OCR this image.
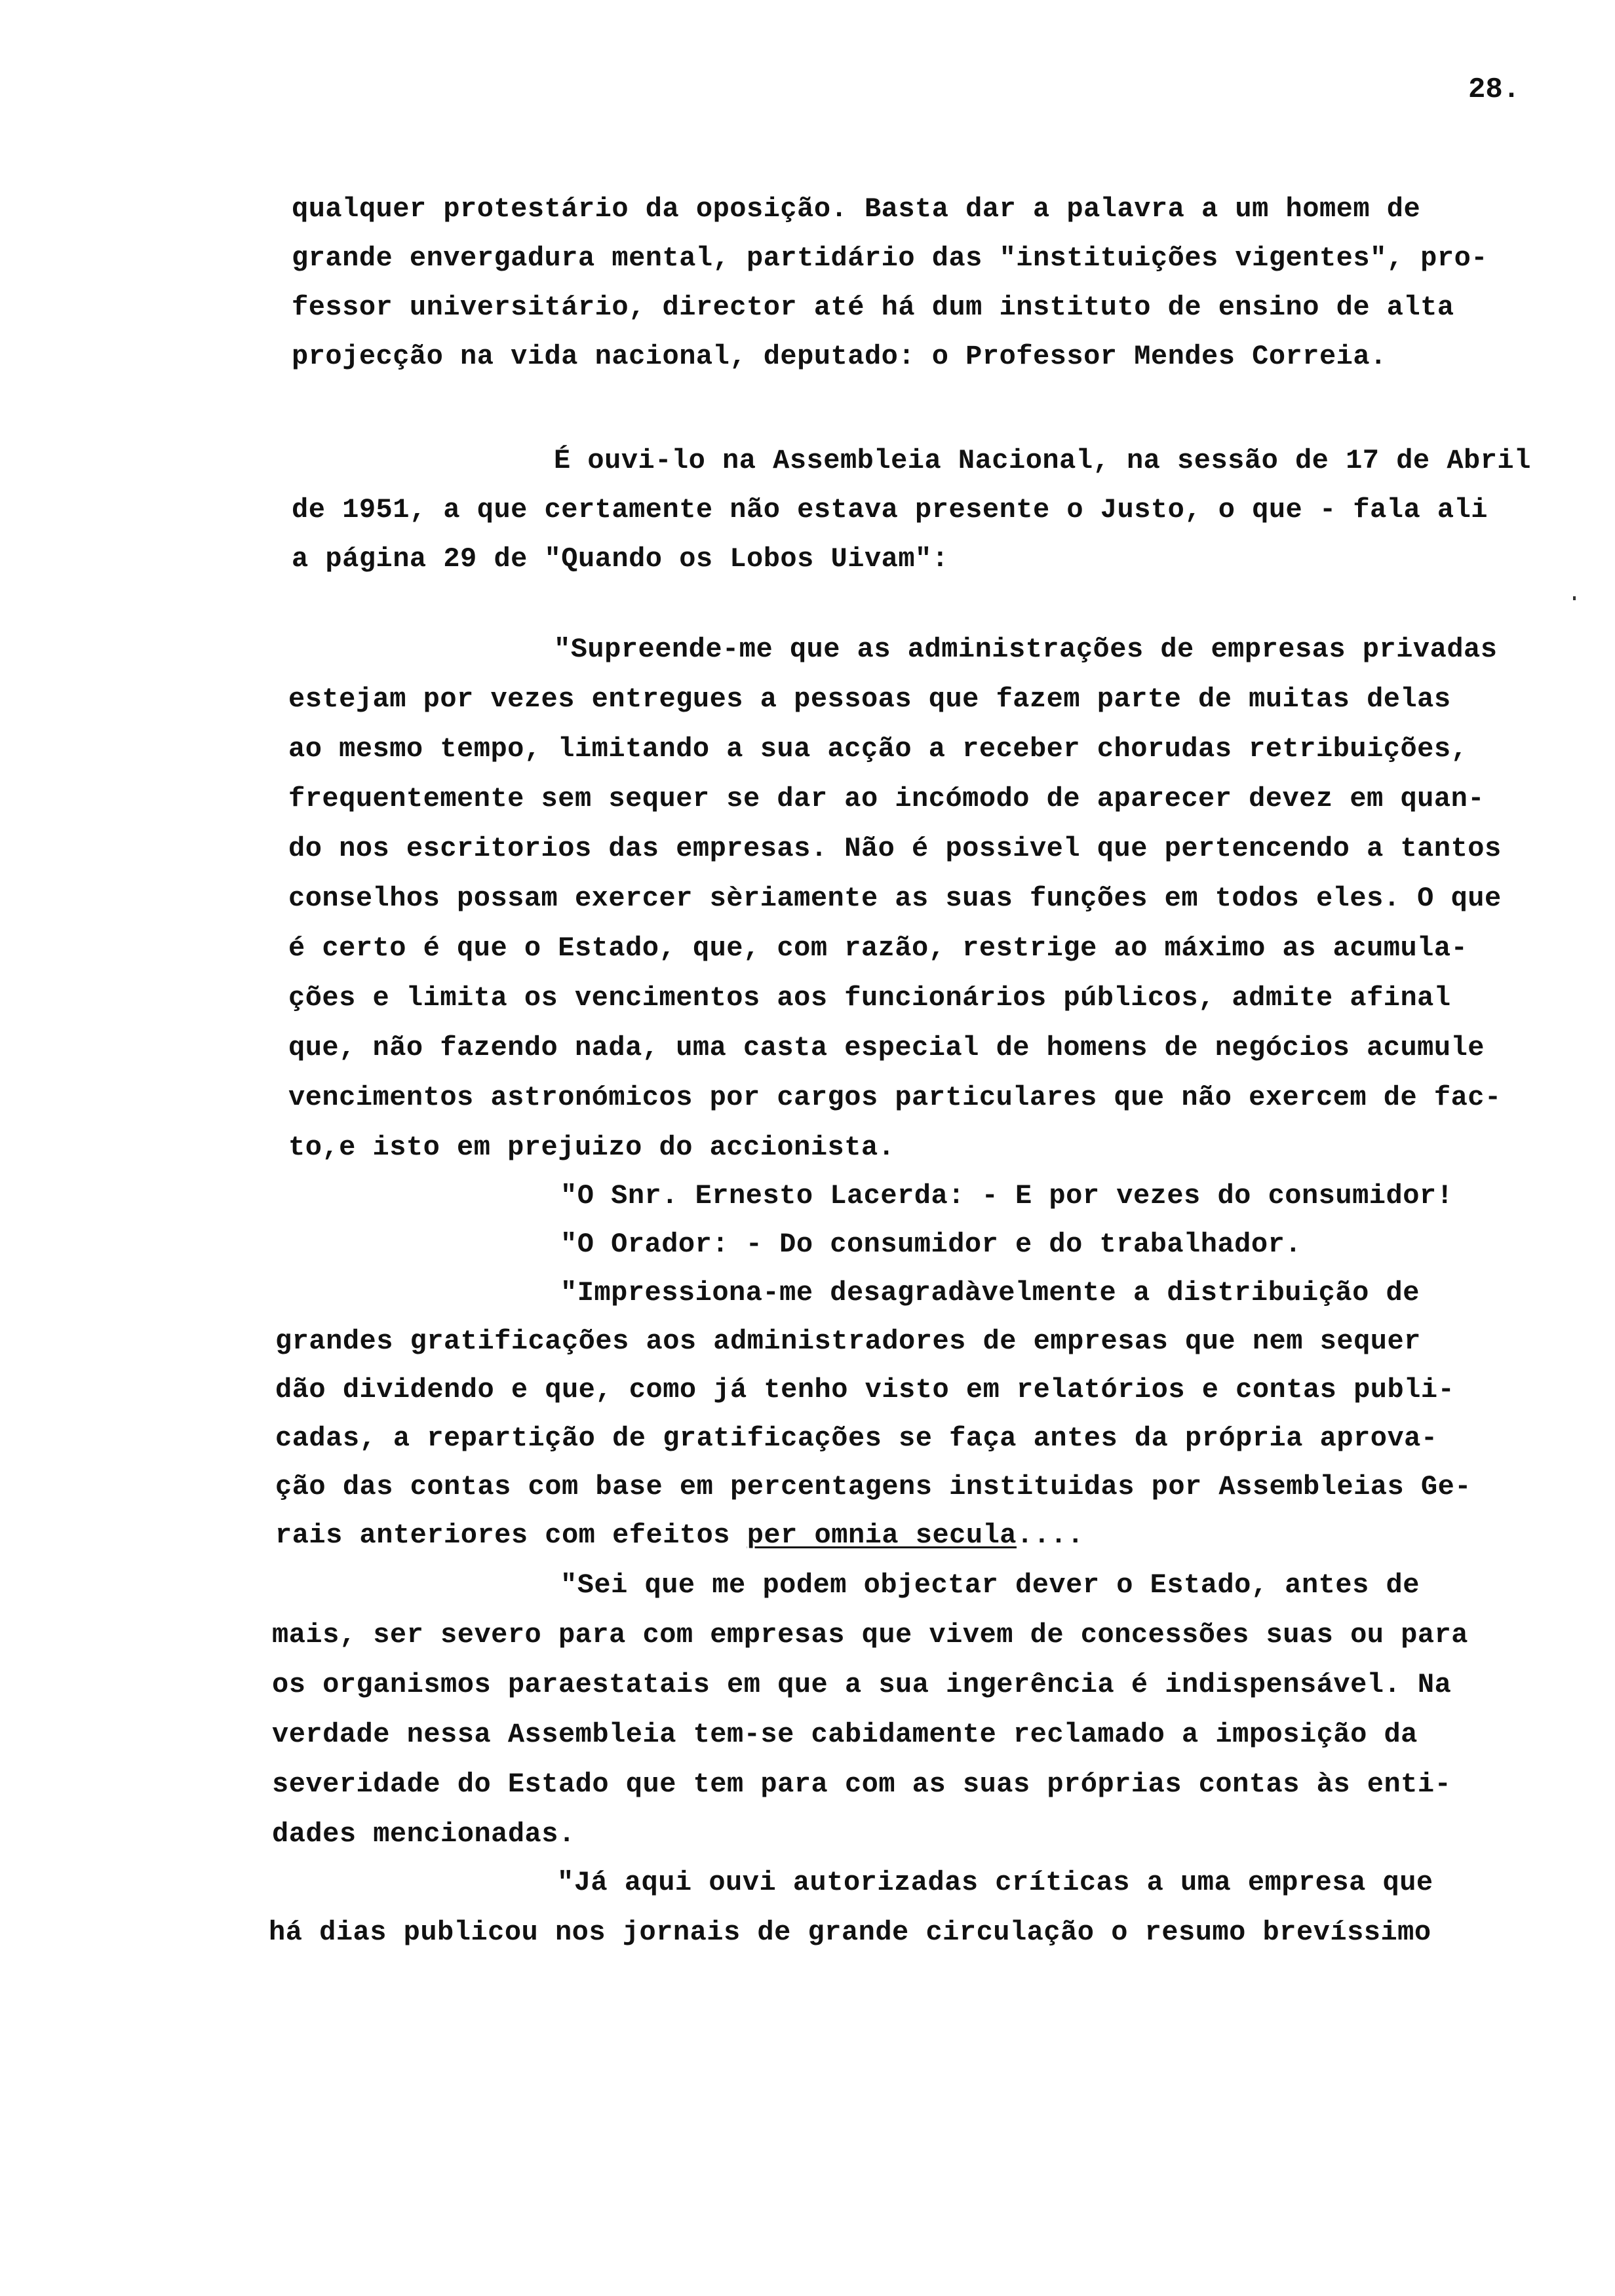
28.
qualquer protestário da oposição. Basta dar a palavra a um homem de
grande envergadura mental, partidário das "instituições vigentes", pro-
fessor universitário, director até há dum instituto de ensino de alta
projecção na vida nacional, deputado: o Professor Mendes Correia.
É ouvi-lo na Assembleia Nacional, na sessão de 17 de Abril
de 1951, a que certamente não estava presente o Justo, o que - fala ali
a página 29 de "Quando os Lobos Uivam":
"Supreende-me que as administrações de empresas privadas
estejam por vezes entregues a pessoas que fazem parte de muitas delas
ao mesmo tempo, limitando a sua acção a receber chorudas retribuições,
frequentemente sem sequer se dar ao incómodo de aparecer devez em quan-
do nos escritorios das empresas. Não é possivel que pertencendo a tantos
conselhos possam exercer sèriamente as suas funções em todos eles. O que
é certo é que o Estado, que, com razão, restrige ao máximo as acumula-
ções e limita os vencimentos aos funcionários públicos, admite afinal
que, não fazendo nada, uma casta especial de homens de negócios acumule
vencimentos astronómicos por cargos particulares que não exercem de fac-
to,e isto em prejuizo do accionista.
"O Snr. Ernesto Lacerda: - E por vezes do consumidor!
"O Orador: - Do consumidor e do trabalhador.
"Impressiona-me desagradàvelmente a distribuição de
grandes gratificações aos administradores de empresas que nem sequer
dão dividendo e que, como já tenho visto em relatórios e contas publi-
cadas, a repartição de gratificações se faça antes da própria aprova-
ção das contas com base em percentagens instituidas por Assembleias Ge-
rais anteriores com efeitos per omnia secula....
"Sei que me podem objectar dever o Estado, antes de
mais, ser severo para com empresas que vivem de concessões suas ou para
os organismos paraestatais em que a sua ingerência é indispensável. Na
verdade nessa Assembleia tem-se cabidamente reclamado a imposição da
severidade do Estado que tem para com as suas próprias contas às enti-
dades mencionadas.
"Já aqui ouvi autorizadas críticas a uma empresa que
há dias publicou nos jornais de grande circulação o resumo brevíssimo
